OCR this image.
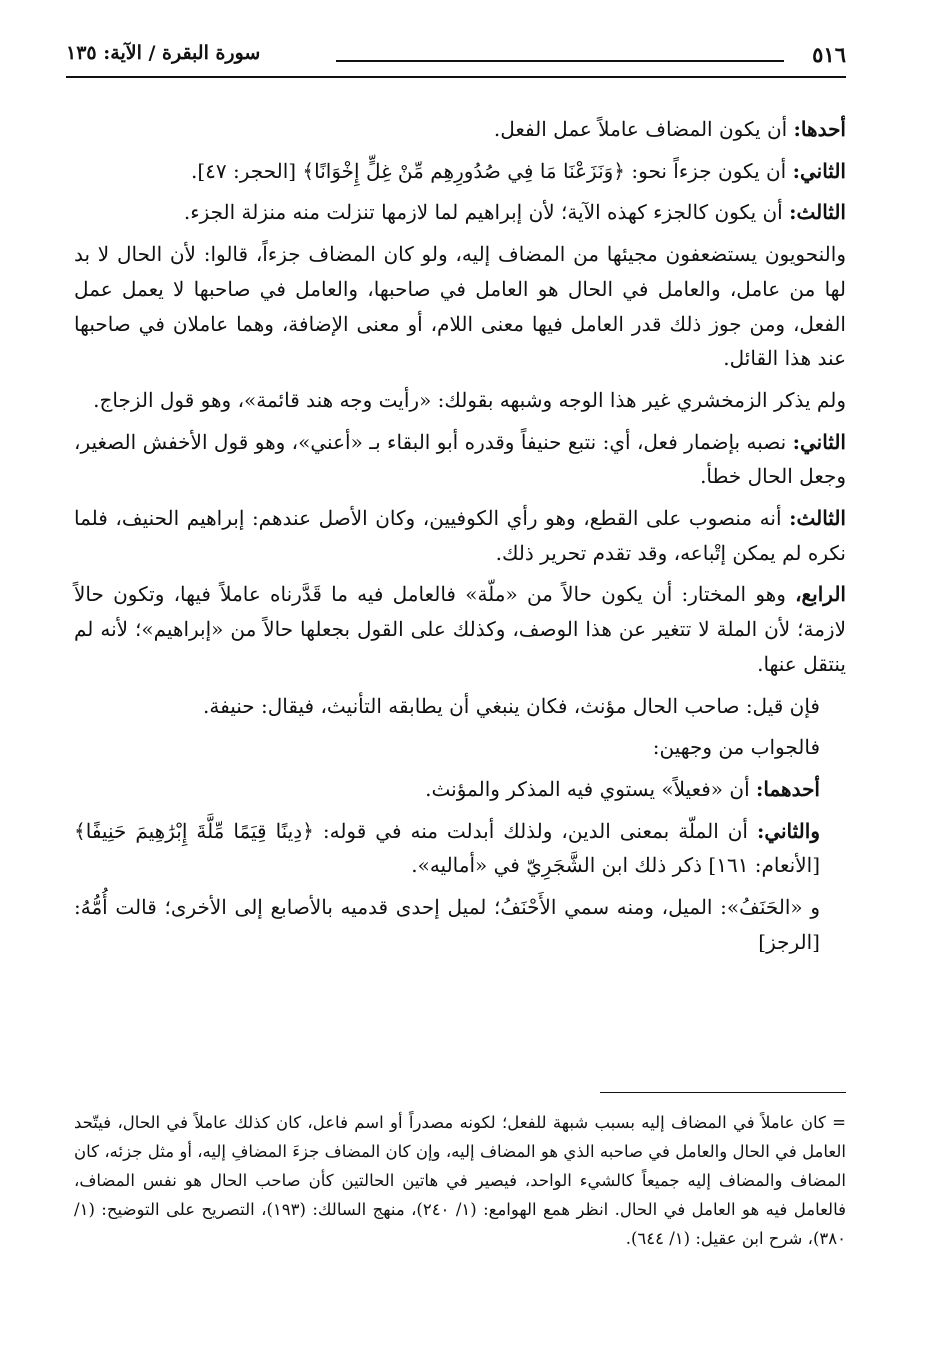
٥١٦
سورة البقرة / الآية: ١٣٥

أحدها: أن يكون المضاف عاملاً عمل الفعل.

الثاني: أن يكون جزءاً نحو: ﴿وَنَزَعْنَا مَا فِي صُدُورِهِم مِّنْ غِلٍّ إِخْوَانًا﴾ [الحجر: ٤٧].

الثالث: أن يكون كالجزء كهذه الآية؛ لأن إبراهيم لما لازمها تنزلت منه منزلة الجزء.

والنحويون يستضعفون مجيئها من المضاف إليه، ولو كان المضاف جزءاً، قالوا: لأن الحال لا بد لها من عامل، والعامل في الحال هو العامل في صاحبها، والعامل في صاحبها لا يعمل عمل الفعل، ومن جوز ذلك قدر العامل فيها معنى اللام، أو معنى الإضافة، وهما عاملان في صاحبها عند هذا القائل.

ولم يذكر الزمخشري غير هذا الوجه وشبهه بقولك: «رأيت وجه هند قائمة»، وهو قول الزجاج.

الثاني: نصبه بإضمار فعل، أي: نتبع حنيفاً وقدره أبو البقاء بـ «أعني»، وهو قول الأخفش الصغير، وجعل الحال خطأ.

الثالث: أنه منصوب على القطع، وهو رأي الكوفيين، وكان الأصل عندهم: إبراهيم الحنيف، فلما نكره لم يمكن إتْباعه، وقد تقدم تحرير ذلك.

الرابع، وهو المختار: أن يكون حالاً من «ملّة» فالعامل فيه ما قَدَّرناه عاملاً فيها، وتكون حالاً لازمة؛ لأن الملة لا تتغير عن هذا الوصف، وكذلك على القول بجعلها حالاً من «إبراهيم»؛ لأنه لم ينتقل عنها.

فإن قيل: صاحب الحال مؤنث، فكان ينبغي أن يطابقه التأنيث، فيقال: حنيفة.

فالجواب من وجهين:

أحدهما: أن «فعيلاً» يستوي فيه المذكر والمؤنث.

والثاني: أن الملّة بمعنى الدين، ولذلك أبدلت منه في قوله: ﴿دِينًا قِيَمًا مِّلَّةَ إِبْرَٰهِيمَ حَنِيفًا﴾ [الأنعام: ١٦١] ذكر ذلك ابن الشَّجَرِيّ في «أماليه».

و «الحَنَفُ»: الميل، ومنه سمي الأَحْنَفُ؛ لميل إحدى قدميه بالأصابع إلى الأخرى؛ قالت أُمُّهُ: [الرجز]

= كان عاملاً في المضاف إليه بسبب شبهة للفعل؛ لكونه مصدراً أو اسم فاعل، كان كذلك عاملاً في الحال، فيتّحد العامل في الحال والعامل في صاحبه الذي هو المضاف إليه، وإن كان المضاف جزءَ المضافِ إليه، أو مثل جزئه، كان المضاف والمضاف إليه جميعاً كالشيء الواحد، فيصير في هاتين الحالتين كأن صاحب الحال هو نفس المضاف، فالعامل فيه هو العامل في الحال. انظر همع الهوامع: (١/ ٢٤٠)، منهج السالك: (١٩٣)، التصريح على التوضيح: (١/ ٣٨٠)، شرح ابن عقيل: (١/ ٦٤٤).
